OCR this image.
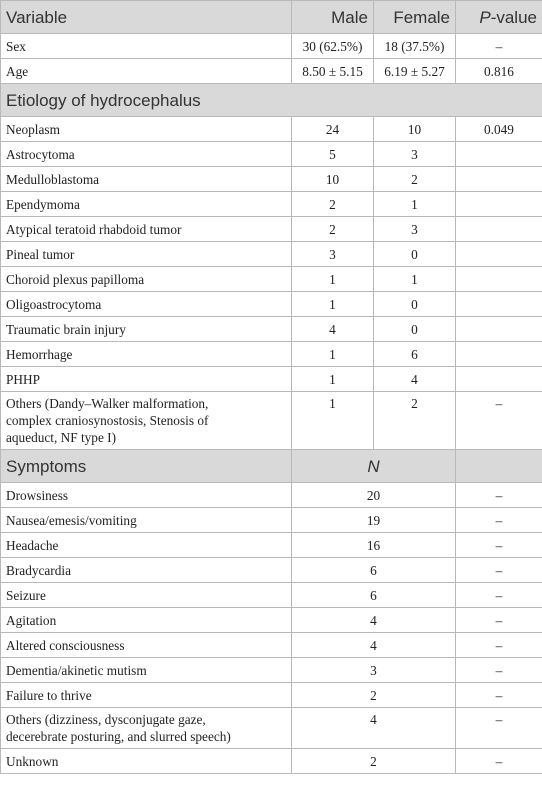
Variable	Male	Female	P-value
Sex	30 (62.5%)	18 (37.5%)	–
Age	8.50 ± 5.15	6.19 ± 5.27	0.816
Etiology of hydrocephalus			
Neoplasm	24	10	0.049
Astrocytoma	5	3	
Medulloblastoma	10	2	
Ependymoma	2	1	
Atypical teratoid rhabdoid tumor	2	3	
Pineal tumor	3	0	
Choroid plexus papilloma	1	1	
Oligoastrocytoma	1	0	
Traumatic brain injury	4	0	
Hemorrhage	1	6	
PHHP	1	4	

Others (Dandy–Walker malformation,
complex craniosynostosis, Stenosis of
aqueduct, NF type I)	1	2	–
Symptoms	N		
Drowsiness	20		–
Nausea/emesis/vomiting	19		–
Headache	16		–
Bradycardia	6		–
Seizure	6		–
Agitation	4		–
Altered consciousness	4		–
Dementia/akinetic mutism	3		–
Failure to thrive	2		–

Others (dizziness, dysconjugate gaze,
decerebrate posturing, and slurred speech)	4		–
Unknown	2		–
